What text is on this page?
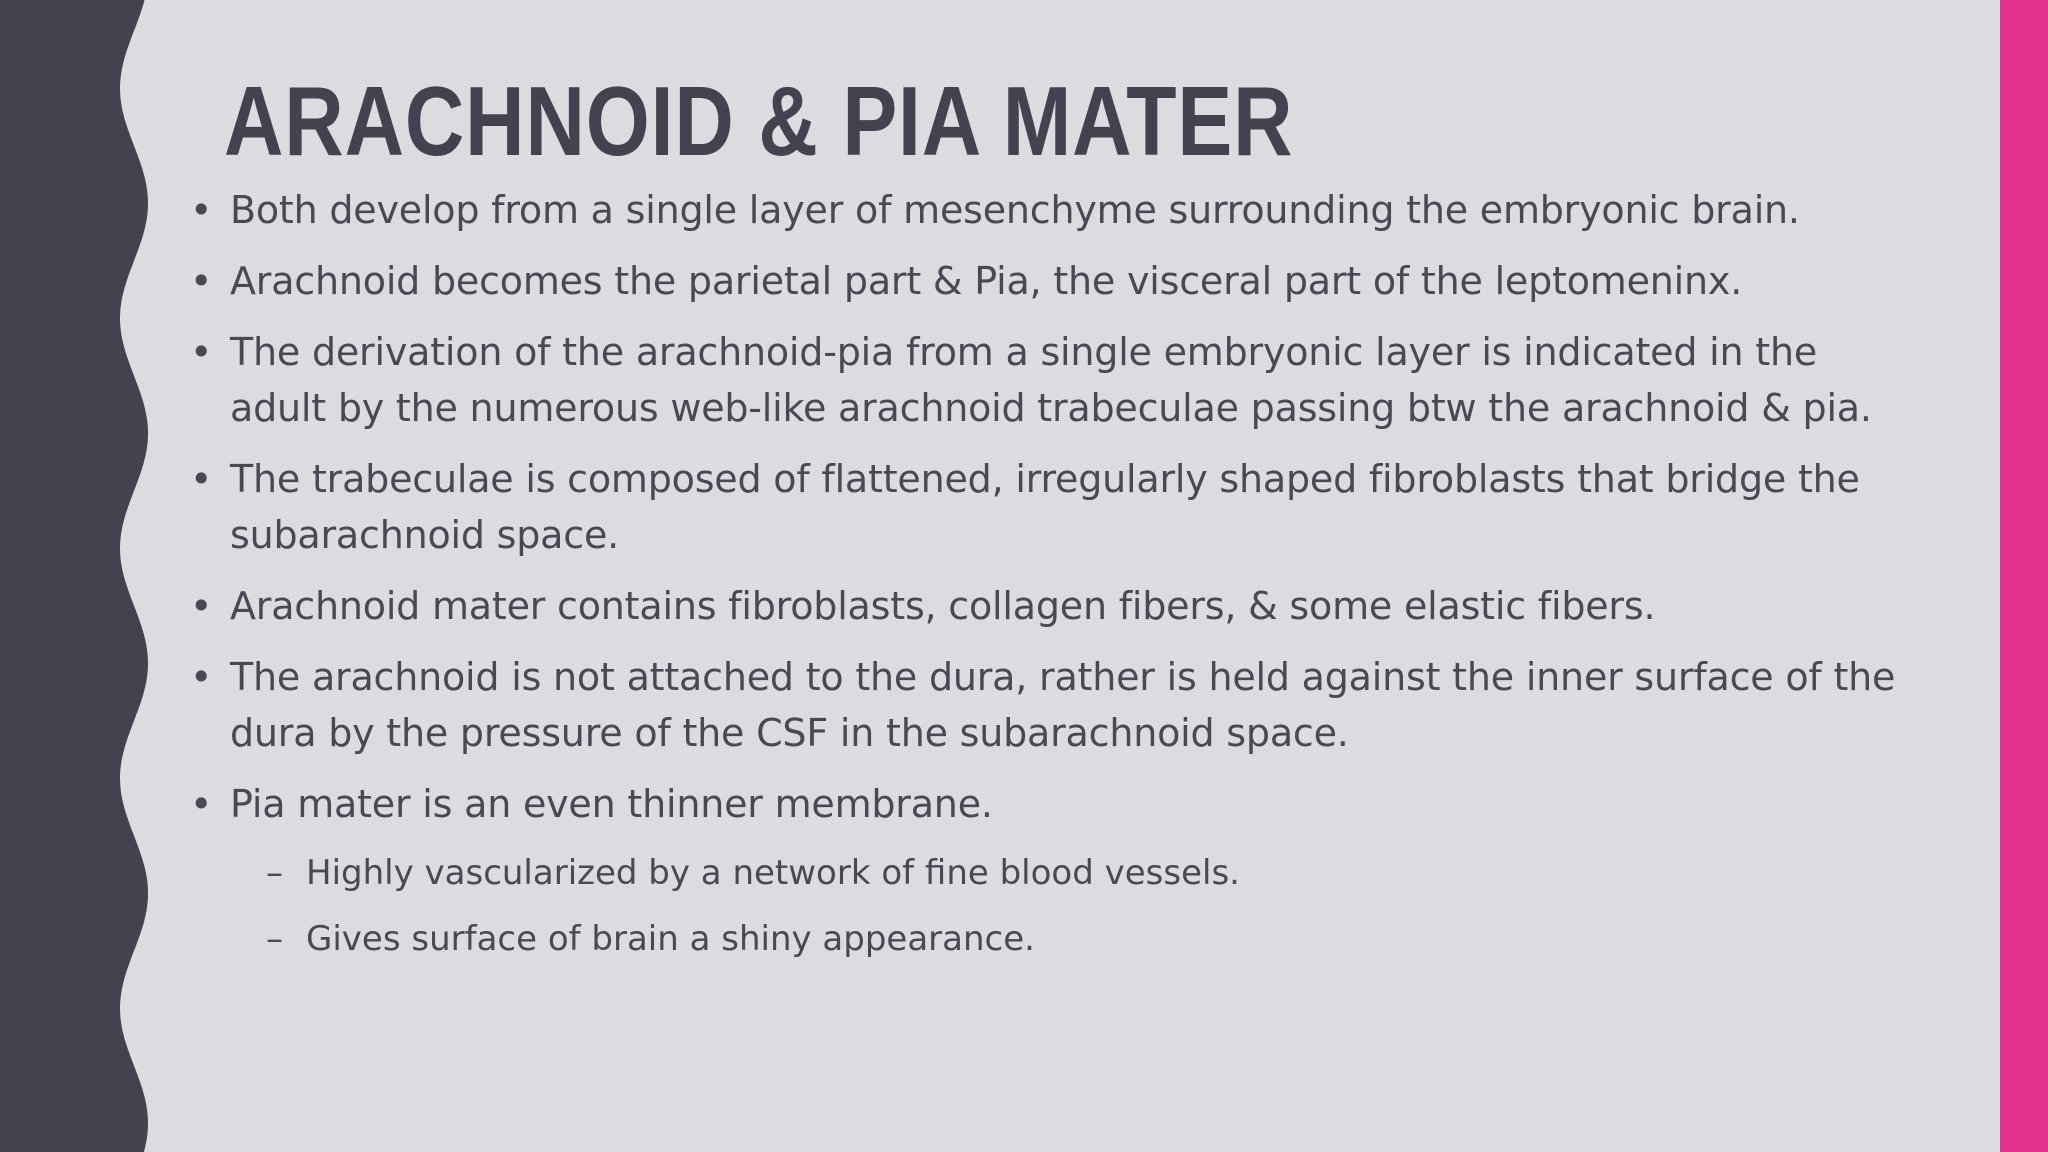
ARACHNOID & PIA MATER
• Both develop from a single layer of mesenchyme surrounding the embryonic brain.
• Arachnoid becomes the parietal part & Pia, the visceral part of the leptomeninx.
• The derivation of the arachnoid-pia from a single embryonic layer is indicated in the adult by the numerous web-like arachnoid trabeculae passing btw the arachnoid & pia.
• The trabeculae is composed of flattened, irregularly shaped fibroblasts that bridge the subarachnoid space.
• Arachnoid mater contains fibroblasts, collagen fibers, & some elastic fibers.
• The arachnoid is not attached to the dura, rather is held against the inner surface of the dura by the pressure of the CSF in the subarachnoid space.
• Pia mater is an even thinner membrane.
– Highly vascularized by a network of fine blood vessels.
– Gives surface of brain a shiny appearance.
